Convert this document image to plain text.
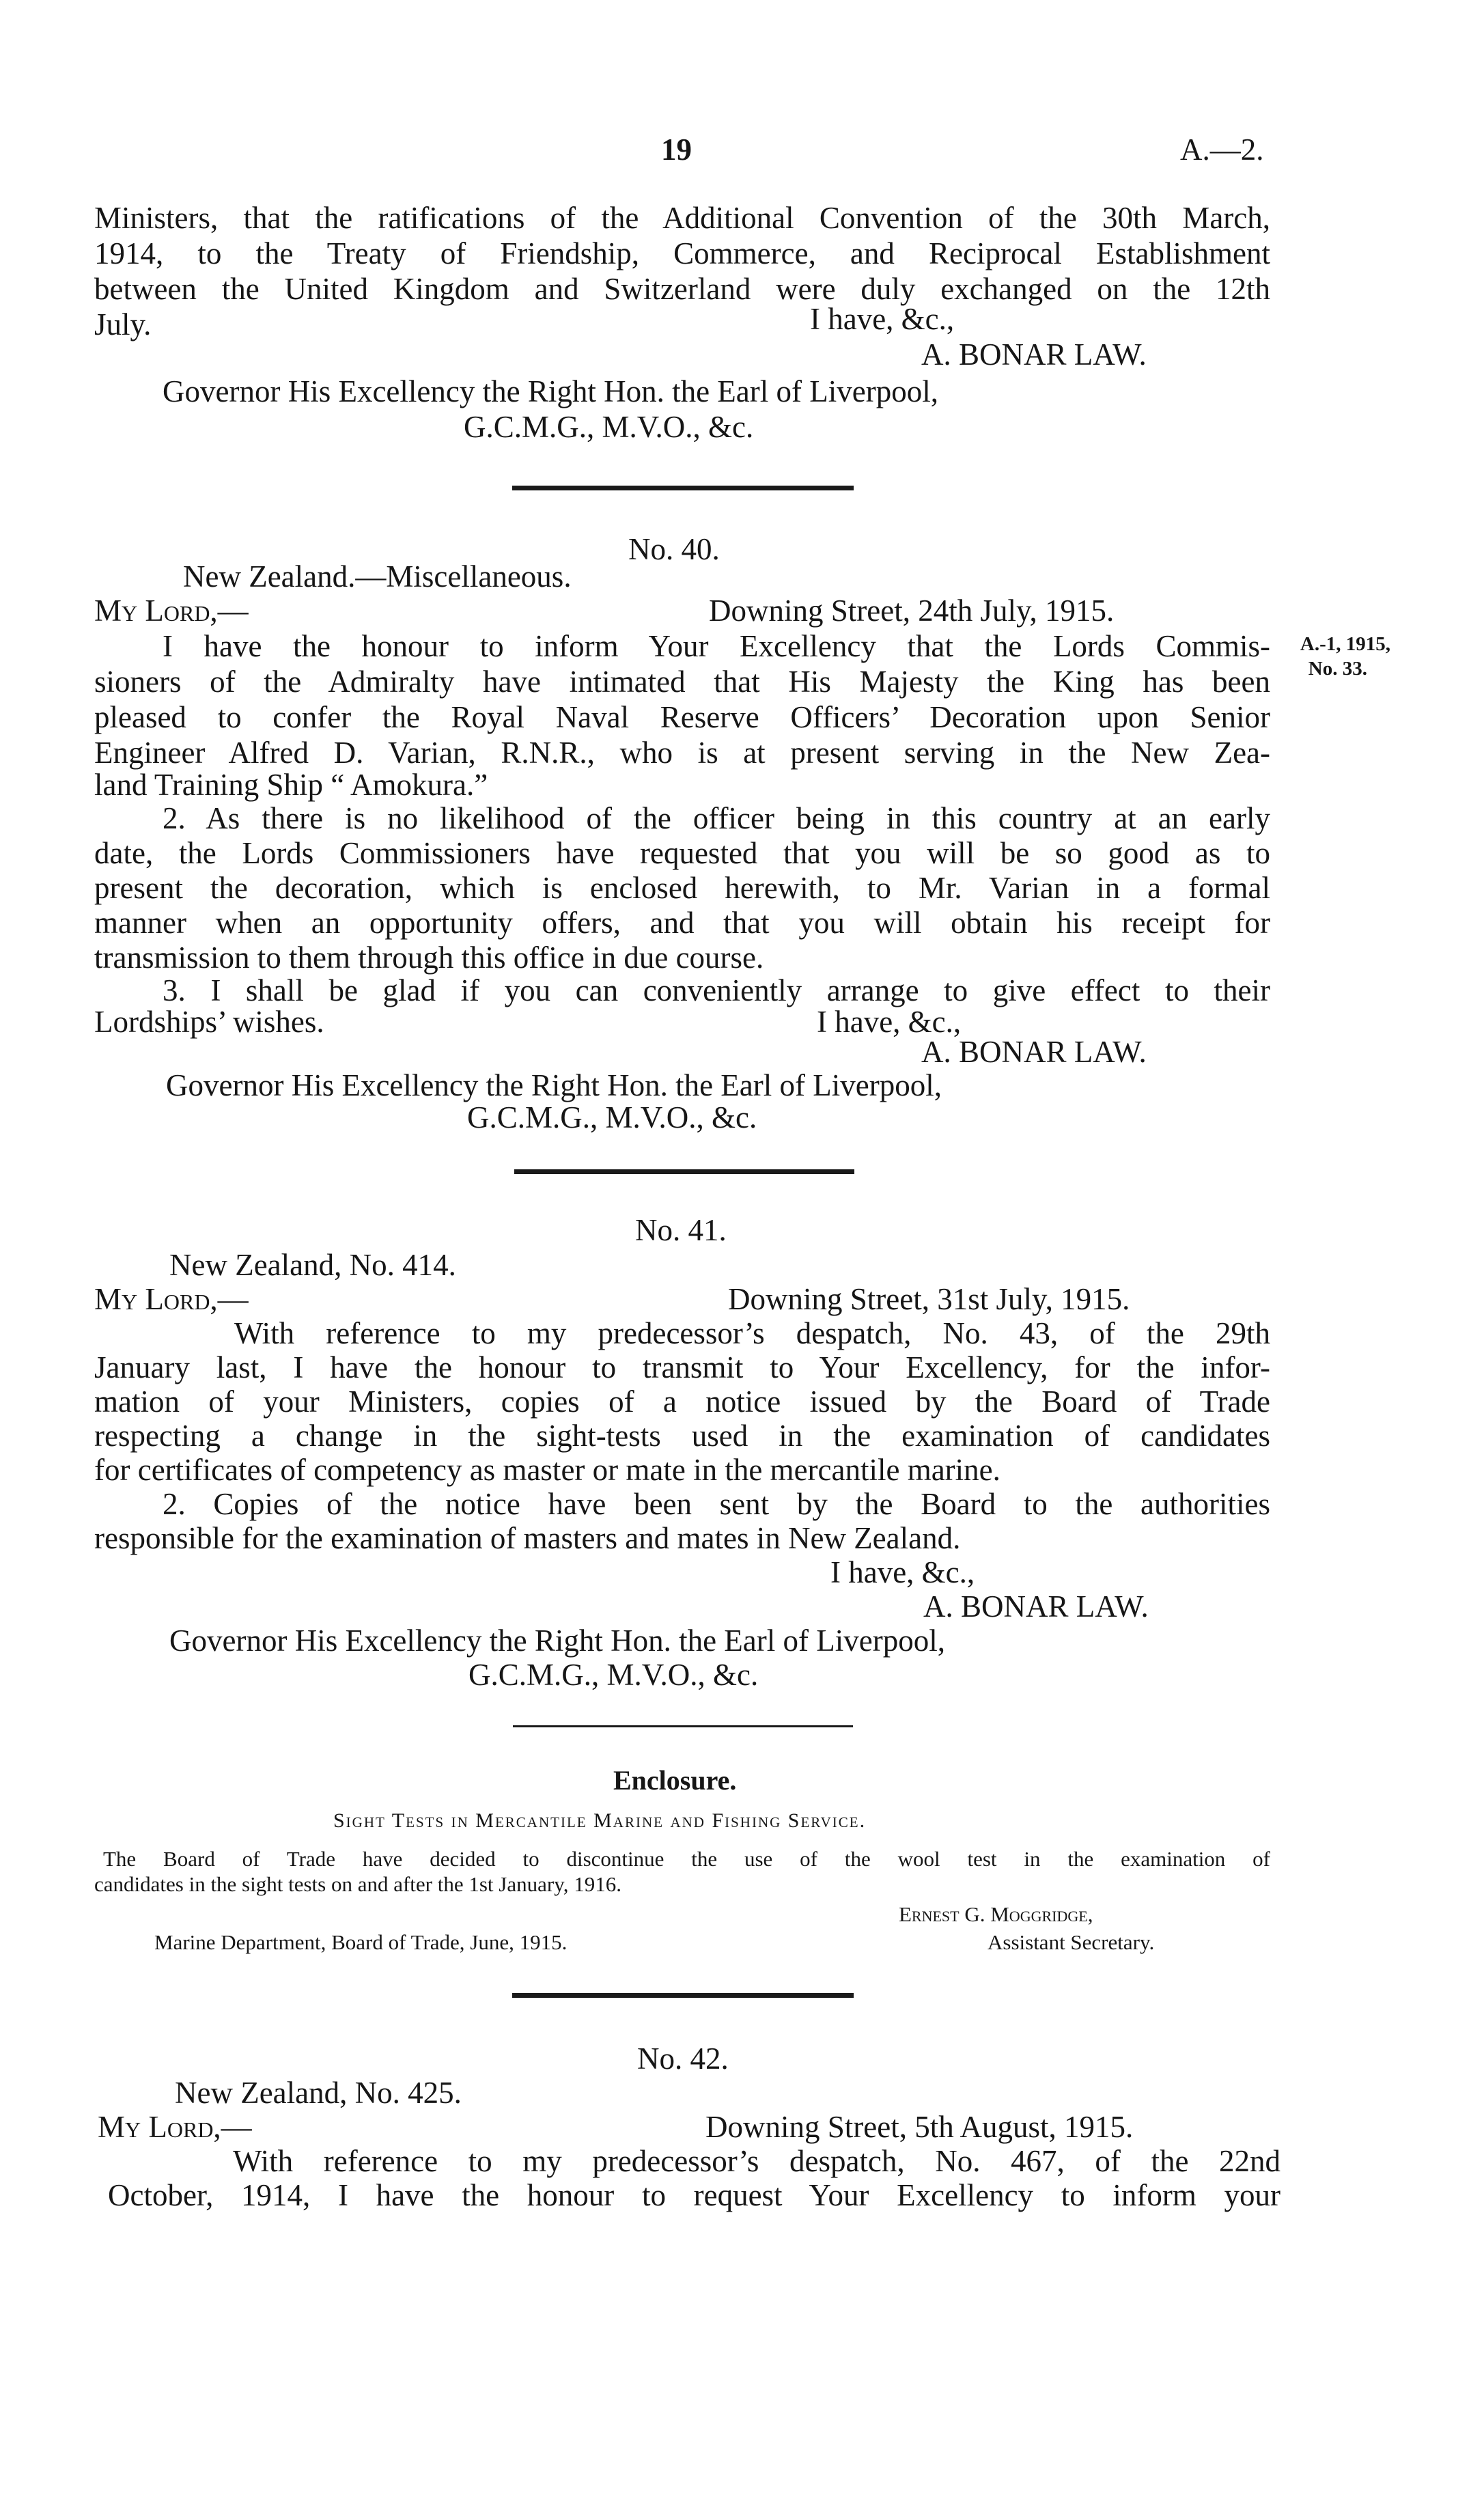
19	A.—2.
Ministers, that the ratifications of the Additional Convention of the 30th March,
1914, to the Treaty of Friendship, Commerce, and Reciprocal Establishment
between the United Kingdom and Switzerland were duly exchanged on the 12th
July.	I have, &c.,
A. BONAR LAW.
Governor His Excellency the Right Hon. the Earl of Liverpool,
G.C.M.G., M.V.O., &c.
No. 40.
New Zealand.—Miscellaneous.
My Lord,—	Downing Street, 24th July, 1915.
A.-1, 1915,
No. 33.
I have the honour to inform Your Excellency that the Lords Commis-
sioners of the Admiralty have intimated that His Majesty the King has been
pleased to confer the Royal Naval Reserve Officers’ Decoration upon Senior
Engineer Alfred D. Varian, R.N.R., who is at present serving in the New Zea-
land Training Ship “ Amokura.”
2. As there is no likelihood of the officer being in this country at an early
date, the Lords Commissioners have requested that you will be so good as to
present the decoration, which is enclosed herewith, to Mr. Varian in a formal
manner when an opportunity offers, and that you will obtain his receipt for
transmission to them through this office in due course.
3. I shall be glad if you can conveniently arrange to give effect to their
Lordships’ wishes.	I have, &c.,
A. BONAR LAW.
Governor His Excellency the Right Hon. the Earl of Liverpool,
G.C.M.G., M.V.O., &c.
No. 41.
New Zealand, No. 414.
My Lord,—	Downing Street, 31st July, 1915.
With reference to my predecessor’s despatch, No. 43, of the 29th
January last, I have the honour to transmit to Your Excellency, for the infor-
mation of your Ministers, copies of a notice issued by the Board of Trade
respecting a change in the sight-tests used in the examination of candidates
for certificates of competency as master or mate in the mercantile marine.
2. Copies of the notice have been sent by the Board to the authorities
responsible for the examination of masters and mates in New Zealand.
I have, &c.,
A. BONAR LAW.
Governor His Excellency the Right Hon. the Earl of Liverpool,
G.C.M.G., M.V.O., &c.
Enclosure.
Sight Tests in Mercantile Marine and Fishing Service.
The Board of Trade have decided to discontinue the use of the wool test in the examination of
candidates in the sight tests on and after the 1st January, 1916.
Ernest G. Moggridge,
Marine Department, Board of Trade, June, 1915.	Assistant Secretary.
No. 42.
New Zealand, No. 425.
My Lord,—	Downing Street, 5th August, 1915.
With reference to my predecessor’s despatch, No. 467, of the 22nd
October, 1914, I have the honour to request Your Excellency to inform your
